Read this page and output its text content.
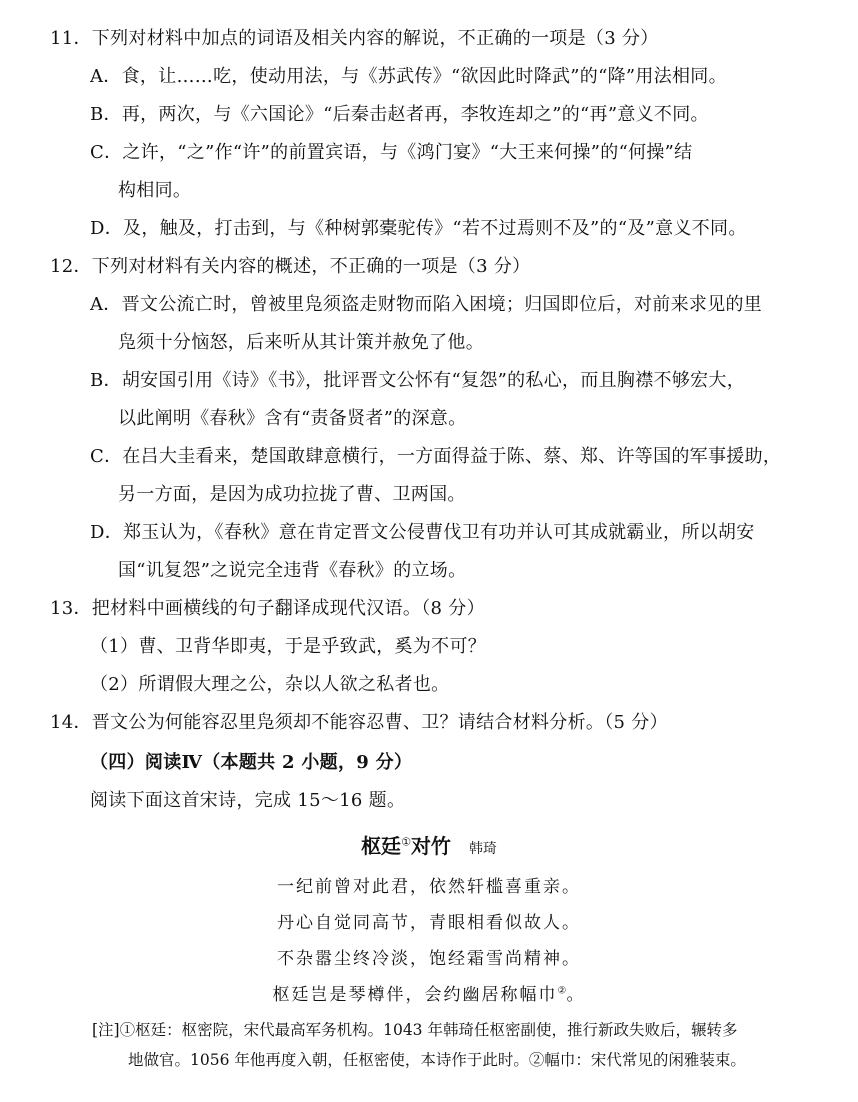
11．下列对材料中加点的词语及相关内容的解说，不正确的一项是（3 分）
A．食，让……吃，使动用法，与《苏武传》“欲因此时降武”的“降”用法相同。
B．再，两次，与《六国论》“后秦击赵者再，李牧连却之”的“再”意义不同。
C．之许，“之”作“许”的前置宾语，与《鸿门宴》“大王来何操”的“何操”结
构相同。
D．及，触及，打击到，与《种树郭橐驼传》“若不过焉则不及”的“及”意义不同。
12．下列对材料有关内容的概述，不正确的一项是（3 分）
A．晋文公流亡时，曾被里凫须盗走财物而陷入困境；归国即位后，对前来求见的里
凫须十分恼怒，后来听从其计策并赦免了他。
B．胡安国引用《诗》《书》，批评晋文公怀有“复怨”的私心，而且胸襟不够宏大，
以此阐明《春秋》含有“责备贤者”的深意。
C．在吕大圭看来，楚国敢肆意横行，一方面得益于陈、蔡、郑、许等国的军事援助，
另一方面，是因为成功拉拢了曹、卫两国。
D．郑玉认为，《春秋》意在肯定晋文公侵曹伐卫有功并认可其成就霸业，所以胡安
国“讥复怨”之说完全违背《春秋》的立场。
13．把材料中画横线的句子翻译成现代汉语。（8 分）
（1）曹、卫背华即夷，于是乎致武，奚为不可？
（2）所谓假大理之公，杂以人欲之私者也。
14．晋文公为何能容忍里凫须却不能容忍曹、卫？请结合材料分析。（5 分）
（四）阅读Ⅳ（本题共 2 小题，9 分）
阅读下面这首宋诗，完成 15～16 题。
枢廷①对竹 韩琦
一纪前曾对此君，依然轩槛喜重亲。
丹心自觉同高节，青眼相看似故人。
不杂嚣尘终冷淡，饱经霜雪尚精神。
枢廷岂是琴樽伴，会约幽居称幅巾②。
[注]①枢廷：枢密院，宋代最高军务机构。1043 年韩琦任枢密副使，推行新政失败后，辗转多
地做官。1056 年他再度入朝，任枢密使，本诗作于此时。②幅巾：宋代常见的闲雅装束。
